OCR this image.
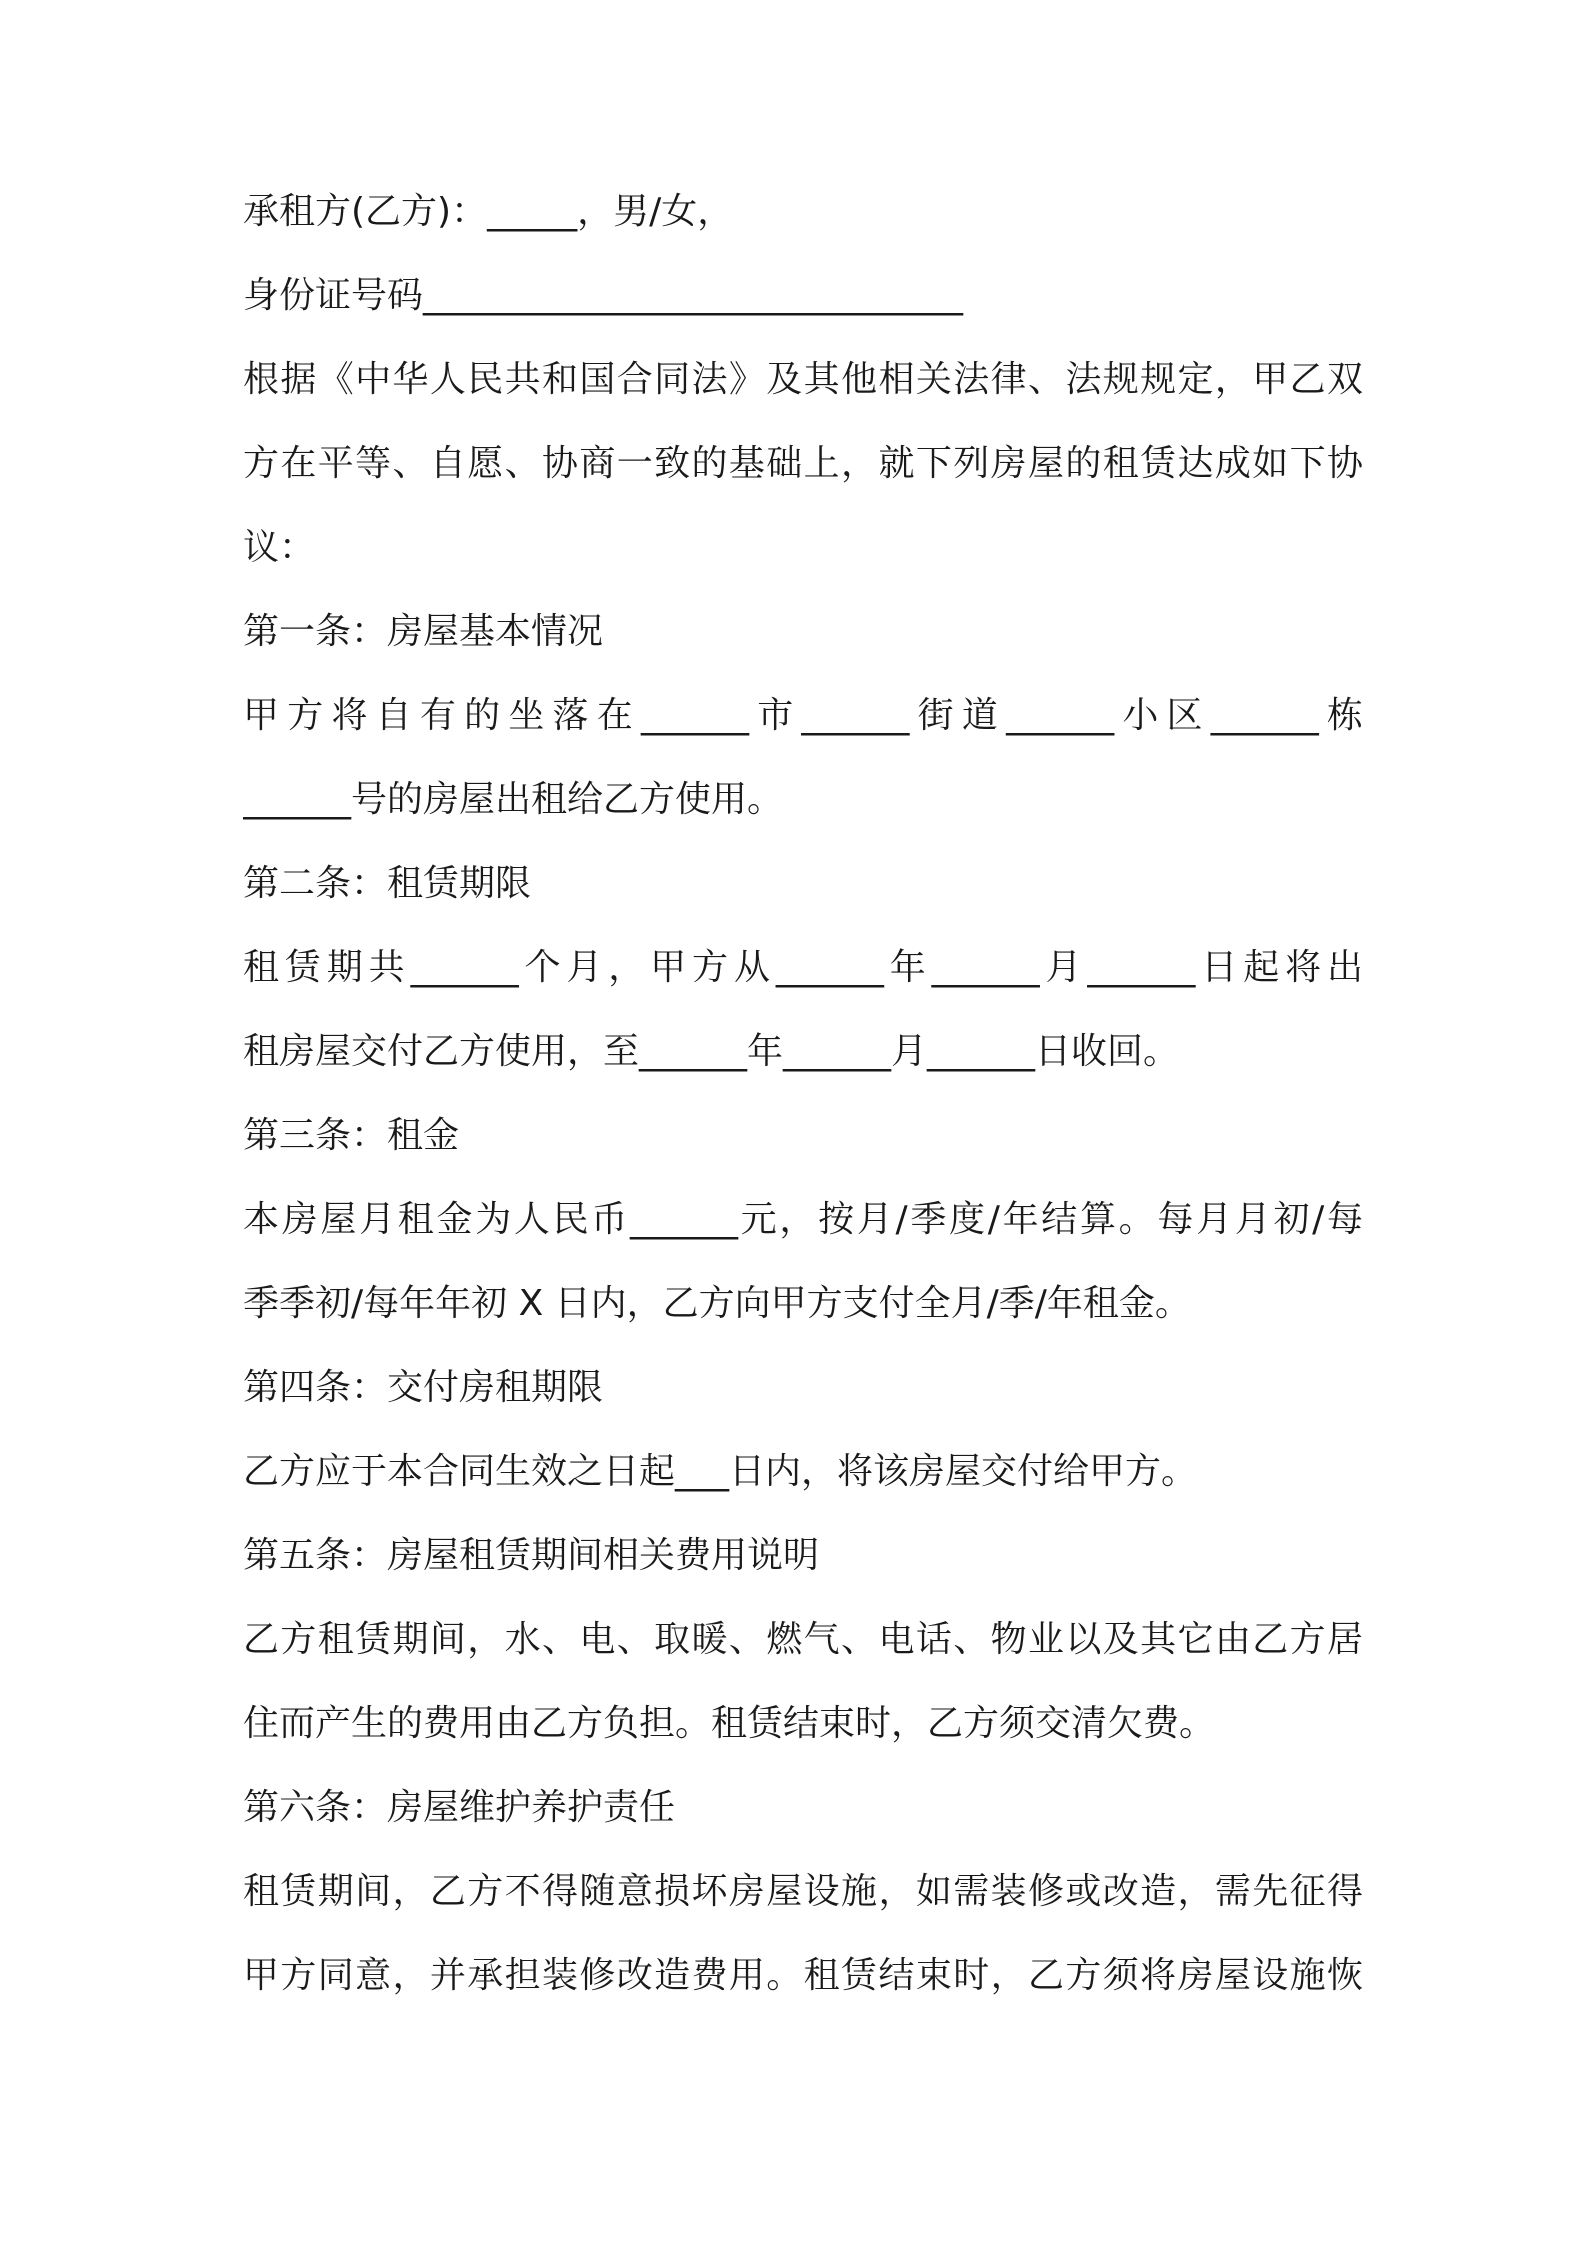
承租方(乙方)：_____，男/女，

身份证号码______________________________

根据《中华人民共和国合同法》及其他相关法律、法规规定，甲乙双

方在平等、自愿、协商一致的基础上，就下列房屋的租赁达成如下协

议：

第一条：房屋基本情况

甲方将自有的坐落在______市______街道______小区______栋

______号的房屋出租给乙方使用。

第二条：租赁期限

租赁期共______个月，甲方从______年______月______日起将出

租房屋交付乙方使用，至______年______月______日收回。

第三条：租金

本房屋月租金为人民币______元，按月/季度/年结算。每月月初/每

季季初/每年年初 X 日内，乙方向甲方支付全月/季/年租金。

第四条：交付房租期限

乙方应于本合同生效之日起___日内，将该房屋交付给甲方。

第五条：房屋租赁期间相关费用说明

乙方租赁期间，水、电、取暖、燃气、电话、物业以及其它由乙方居

住而产生的费用由乙方负担。租赁结束时，乙方须交清欠费。

第六条：房屋维护养护责任

租赁期间，乙方不得随意损坏房屋设施，如需装修或改造，需先征得

甲方同意，并承担装修改造费用。租赁结束时，乙方须将房屋设施恢
